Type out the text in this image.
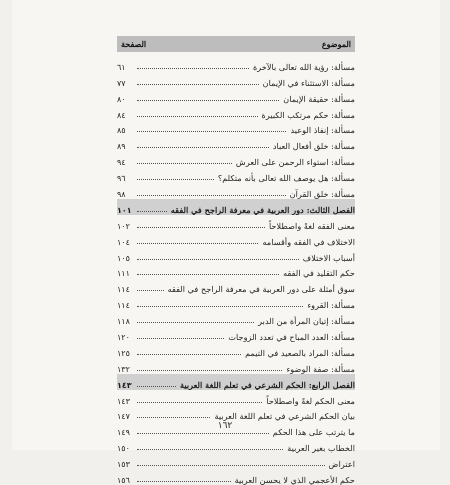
الموضوع
الصفحة
مسألة: رؤية الله تعالى بالآخرة
٦١
مسألة: الاستثناء في الإيمان
٧٧
مسألة: حقيقة الإيمان
٨٠
مسألة: حكم مرتكب الكبيرة
٨٤
مسألة: إنفاذ الوعيد
٨٥
مسألة: خلق أفعال العباد
٨٩
مسألة: استواء الرحمن على العرش
٩٤
مسألة: هل يوصف الله تعالى بأنه متكلم؟
٩٦
مسألة: خلق القرآن
٩٨
الفصل الثالث: دور العربية في معرفة الراجح في الفقه
١٠١
معنى الفقه لغةً واصطلاحاً
١٠٢
الاختلاف في الفقه وأقسامه
١٠٤
أسباب الاختلاف
١٠٥
حكم التقليد في الفقه
١١١
سوق أمثلة على دور العربية في معرفة الراجح في الفقه
١١٤
مسألة: القروء
١١٤
مسألة: إتيان المرأة من الدبر
١١٨
مسألة: العدد المباح في تعدد الزوجات
١٢٠
مسألة: المراد بالصعيد في التيمم
١٢٥
مسألة: صفة الوضوء
١٣٢
الفصل الرابع: الحكم الشرعي في تعلم اللغة العربية
١٤٣
معنى الحكم لغةً واصطلاحاً
١٤٣
بيان الحكم الشرعي في تعلم اللغة العربية
١٤٧
ما يترتب على هذا الحكم
١٤٩
الخطاب بغير العربية
١٥٠
اعتراض
١٥٣
حكم الأعجمي الذي لا يحسن العربية
١٥٦
١٦٢
